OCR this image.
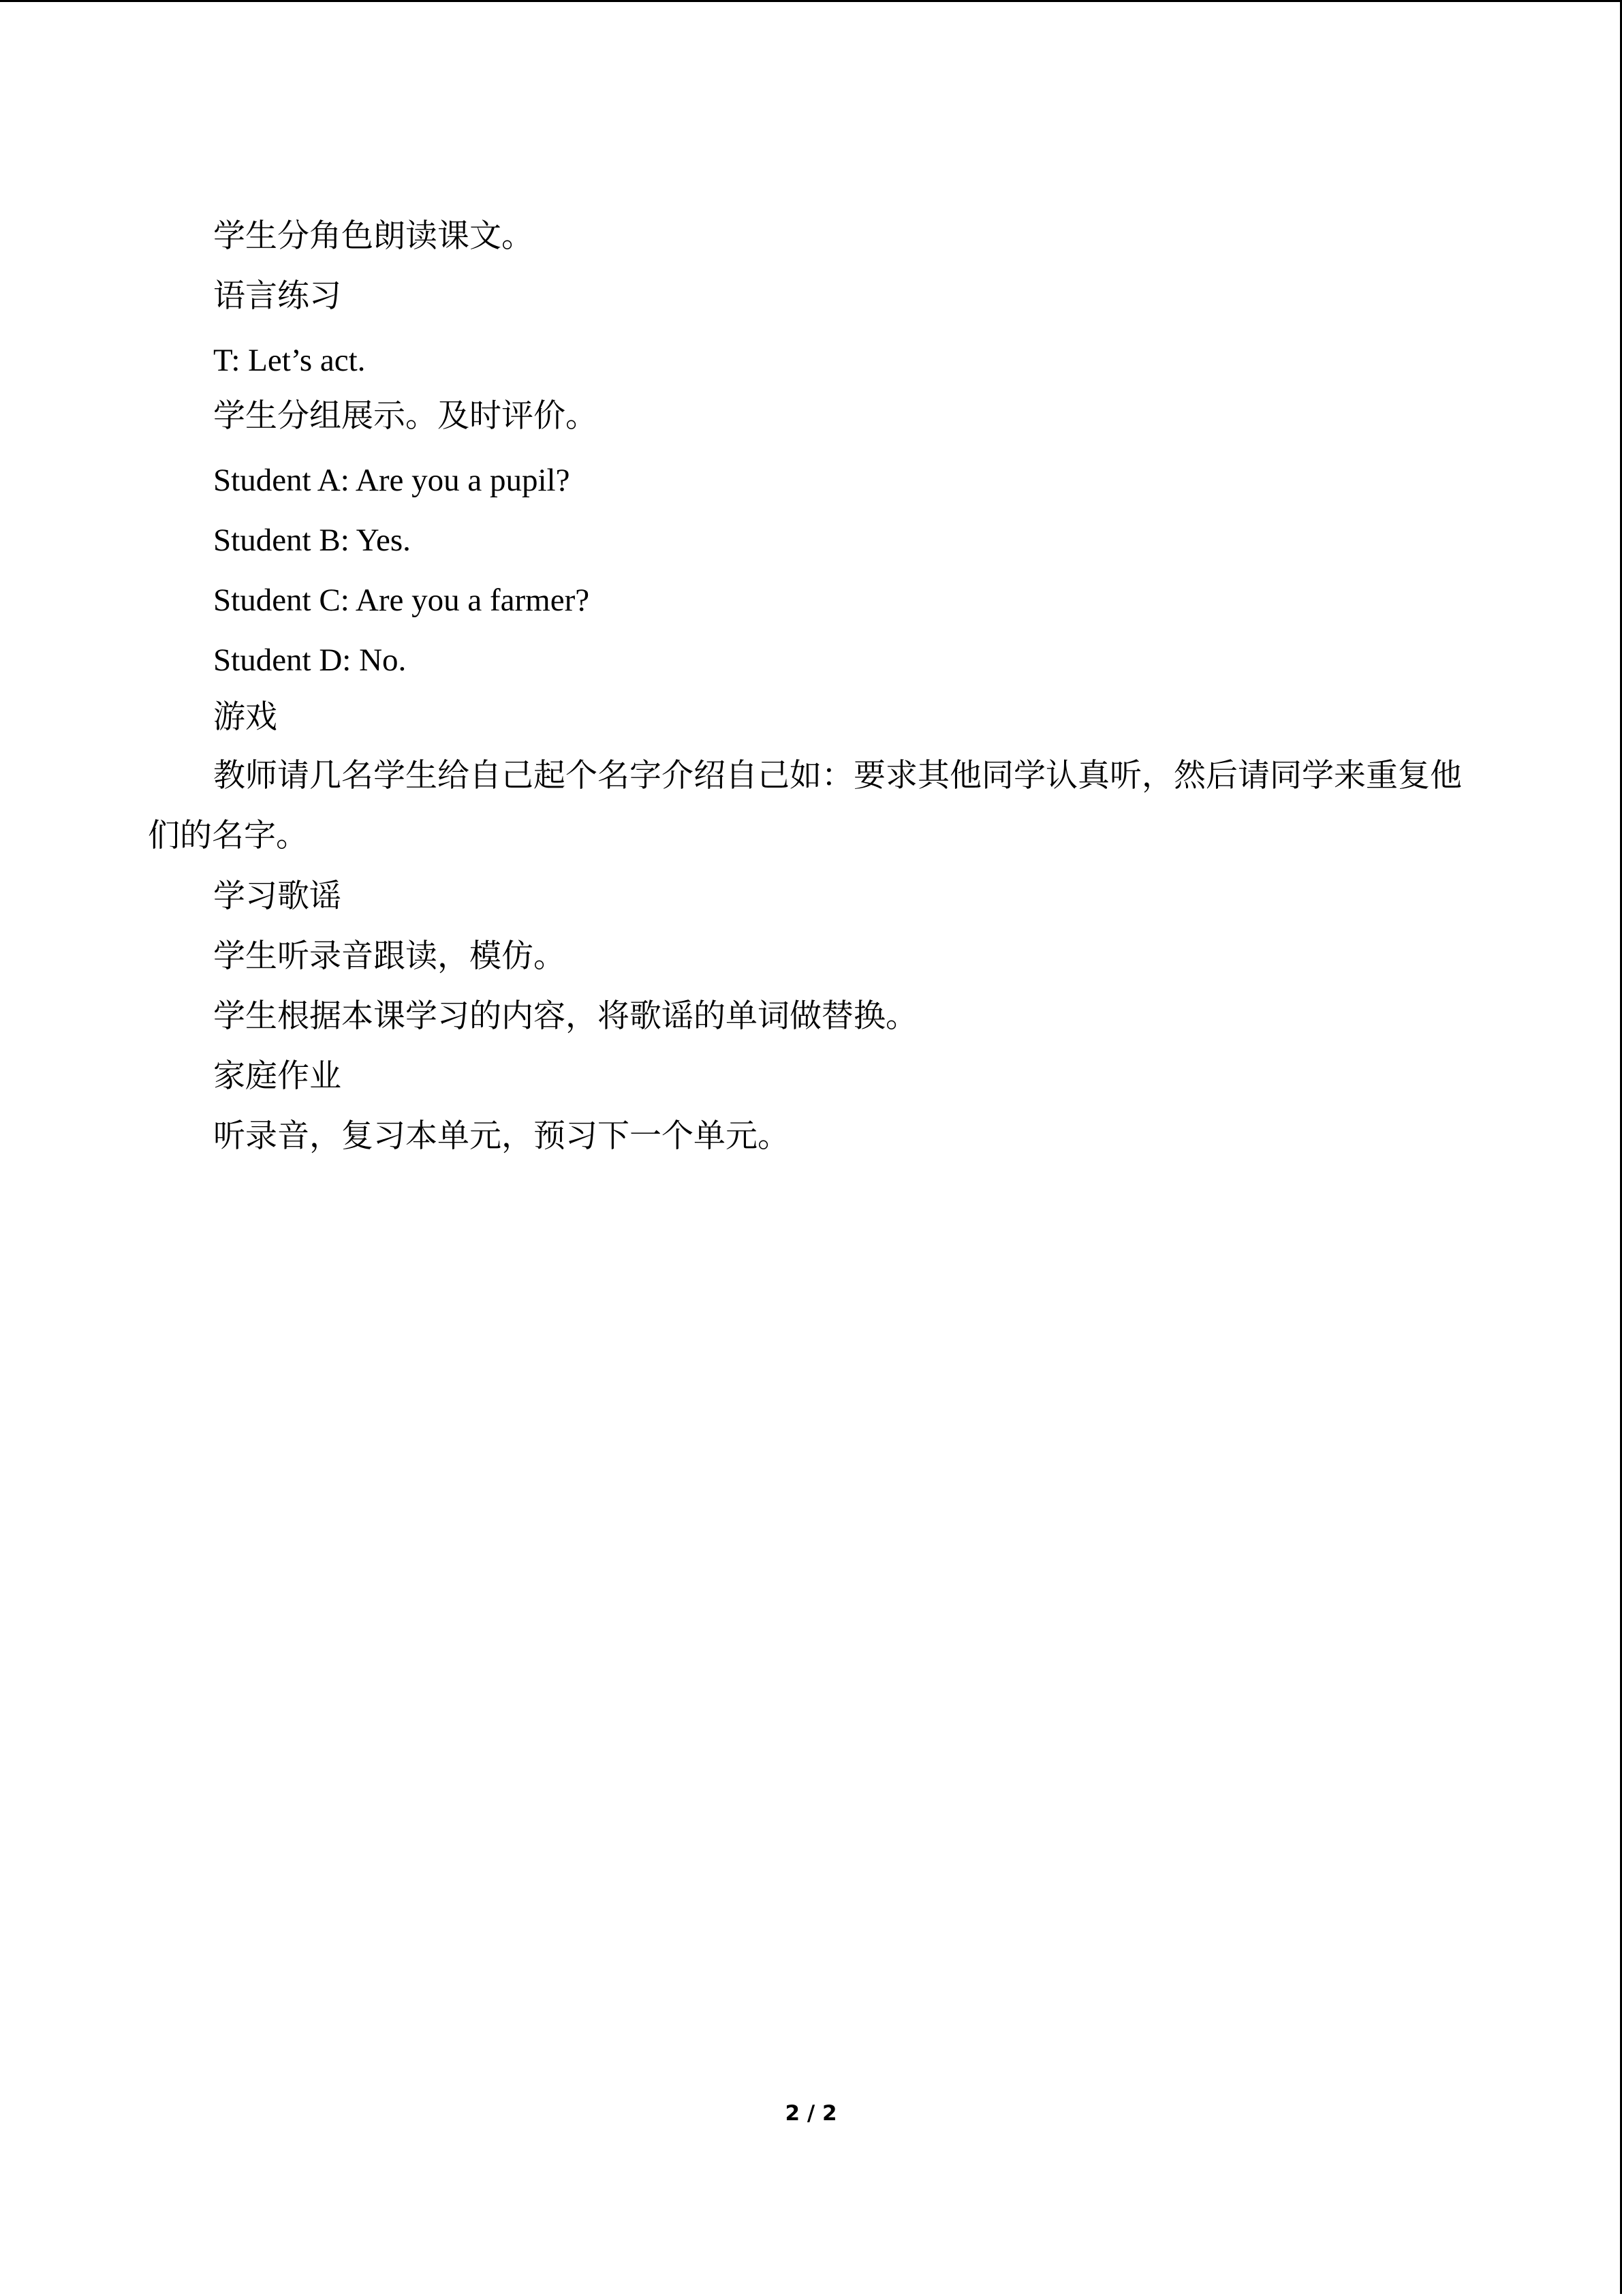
学生分角色朗读课文。
语言练习
T: Let’s act.
学生分组展示。及时评价。
Student A: Are you a pupil?
Student B: Yes.
Student C: Are you a farmer?
Student D: No.
游戏
教师请几名学生给自己起个名字介绍自己如：要求其他同学认真听，然后请同学来重复他们的名字。
学习歌谣
学生听录音跟读，模仿。
学生根据本课学习的内容，将歌谣的单词做替换。
家庭作业
听录音，复习本单元，预习下一个单元。
2 / 2
